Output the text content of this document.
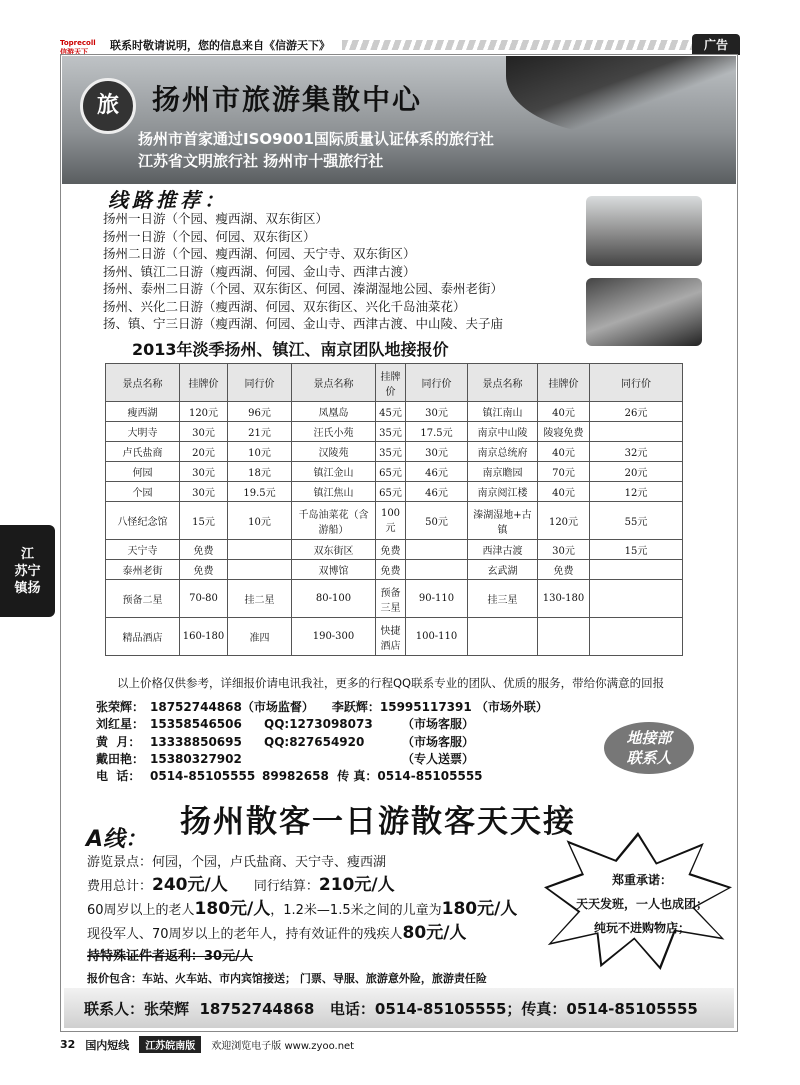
Toprecoll 信游天下	联系时敬请说明，您的信息来自《信游天下》	广告
旅	扬州市旅游集散中心
扬州市首家通过ISO9001国际质量认证体系的旅行社
江苏省文明旅行社 扬州市十强旅行社
线路推荐：
扬州一日游（个园、瘦西湖、双东街区）
扬州一日游（个园、何园、双东街区）
扬州二日游（个园、瘦西湖、何园、天宁寺、双东街区）
扬州、镇江二日游（瘦西湖、何园、金山寺、西津古渡）
扬州、泰州二日游（个园、双东街区、何园、溱湖湿地公园、泰州老街）
扬州、兴化二日游（瘦西湖、何园、双东街区、兴化千岛油菜花）
扬、镇、宁三日游（瘦西湖、何园、金山寺、西津古渡、中山陵、夫子庙
2013年淡季扬州、镇江、南京团队地接报价
景点名称	挂牌价	同行价	景点名称	挂牌价	同行价	景点名称	挂牌价	同行价
瘦西湖	120元	96元	凤凰岛	45元	30元	镇江南山	40元	26元
大明寺	30元	21元	汪氏小苑	35元	17.5元	南京中山陵	陵寝免费	
卢氏盐商	20元	10元	汉陵苑	35元	30元	南京总统府	40元	32元
何园	30元	18元	镇江金山	65元	46元	南京瞻园	70元	20元
个园	30元	19.5元	镇江焦山	65元	46元	南京阅江楼	40元	12元
八怪纪念馆	15元	10元	千岛油菜花（含游船）	100元	50元	溱湖湿地+古镇	120元	55元
天宁寺	免费		双东街区	免费		西津古渡	30元	15元
泰州老街	免费		双博馆	免费		玄武湖	免费	
预备二星	70-80	挂二星	80-100	预备三星	90-110	挂三星	130-180	
精品酒店	160-180	准四	190-300	快捷酒店	100-110			
以上价格仅供参考，详细报价请电讯我社，更多的行程QQ联系专业的团队、优质的服务，带给你满意的回报
张荣辉： 18752744868 （市场监督） 李跃辉：15995117391 （市场外联）
刘红星： 15358546506	QQ:1273098073	（市场客服）
黄  月： 13338850695	QQ:827654920	（市场客服）
戴田艳： 15380327902	（专人送票）
电  话： 0514-85105555 89982658  传 真： 0514-85105555
地接部
联系人
扬州散客一日游散客天天接
A线：
游览景点：何园，个园，卢氏盐商、天宁寺、瘦西湖
费用总计：240元/人 同行结算：210元/人
60周岁以上的老人180元/人，1.2米—1.5米之间的儿童为180元/人
现役军人、70周岁以上的老年人，持有效证件的残疾人80元/人
持特殊证件者返利：30元/人
报价包含：车站、火车站、市内宾馆接送； 门票、导服、旅游意外险，旅游责任险
郑重承诺：
天天发班，一人也成团；
纯玩不进购物店；
联系人：张荣辉  18752744868   电话：0514-85105555；传真：0514-85105555
江
苏宁
镇扬
32 国内短线	江苏皖南版	欢迎浏览电子版 www.zyoo.net
